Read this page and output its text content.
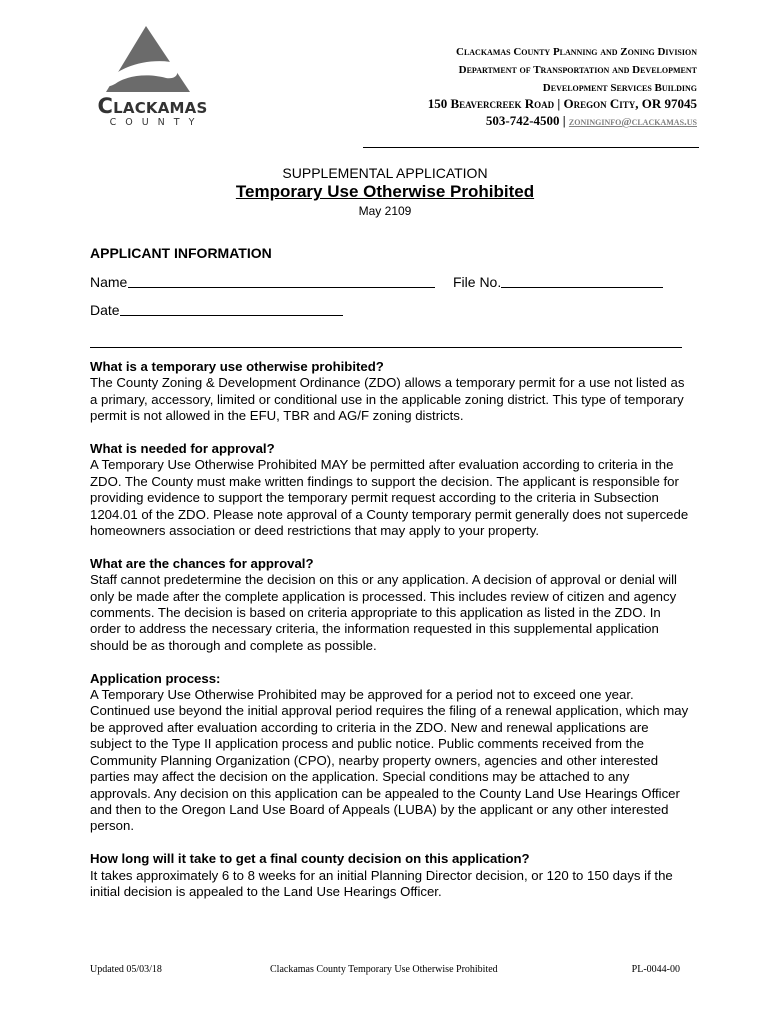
Clackamas
COUNTY
Clackamas County Planning and Zoning Division
Department of Transportation and Development
Development Services Building
150 Beavercreek Road | Oregon City, OR 97045
503-742-4500 | zoninginfo@clackamas.us
SUPPLEMENTAL APPLICATION
Temporary Use Otherwise Prohibited
May 2109
APPLICANT INFORMATION
Name	File No.
Date
What is a temporary use otherwise prohibited?

The County Zoning & Development Ordinance (ZDO) allows a temporary permit for a use not listed as a primary, accessory, limited or conditional use in the applicable zoning district. This type of temporary permit is not allowed in the EFU, TBR and AG/F zoning districts.

What is needed for approval?

A Temporary Use Otherwise Prohibited MAY be permitted after evaluation according to criteria in the ZDO. The County must make written findings to support the decision. The applicant is responsible for providing evidence to support the temporary permit request according to the criteria in Subsection 1204.01 of the ZDO. Please note approval of a County temporary permit generally does not supercede homeowners association or deed restrictions that may apply to your property.

What are the chances for approval?

Staff cannot predetermine the decision on this or any application. A decision of approval or denial will only be made after the complete application is processed. This includes review of citizen and agency comments. The decision is based on criteria appropriate to this application as listed in the ZDO. In order to address the necessary criteria, the information requested in this supplemental application should be as thorough and complete as possible.

Application process:

A Temporary Use Otherwise Prohibited may be approved for a period not to exceed one year. Continued use beyond the initial approval period requires the filing of a renewal application, which may be approved after evaluation according to criteria in the ZDO. New and renewal applications are subject to the Type II application process and public notice. Public comments received from the Community Planning Organization (CPO), nearby property owners, agencies and other interested parties may affect the decision on the application. Special conditions may be attached to any approvals. Any decision on this application can be appealed to the County Land Use Hearings Officer and then to the Oregon Land Use Board of Appeals (LUBA) by the applicant or any other interested person.

How long will it take to get a final county decision on this application?

It takes approximately 6 to 8 weeks for an initial Planning Director decision, or 120 to 150 days if the initial decision is appealed to the Land Use Hearings Officer.

Updated 05/03/18	Clackamas County Temporary Use Otherwise Prohibited	PL-0044-00
